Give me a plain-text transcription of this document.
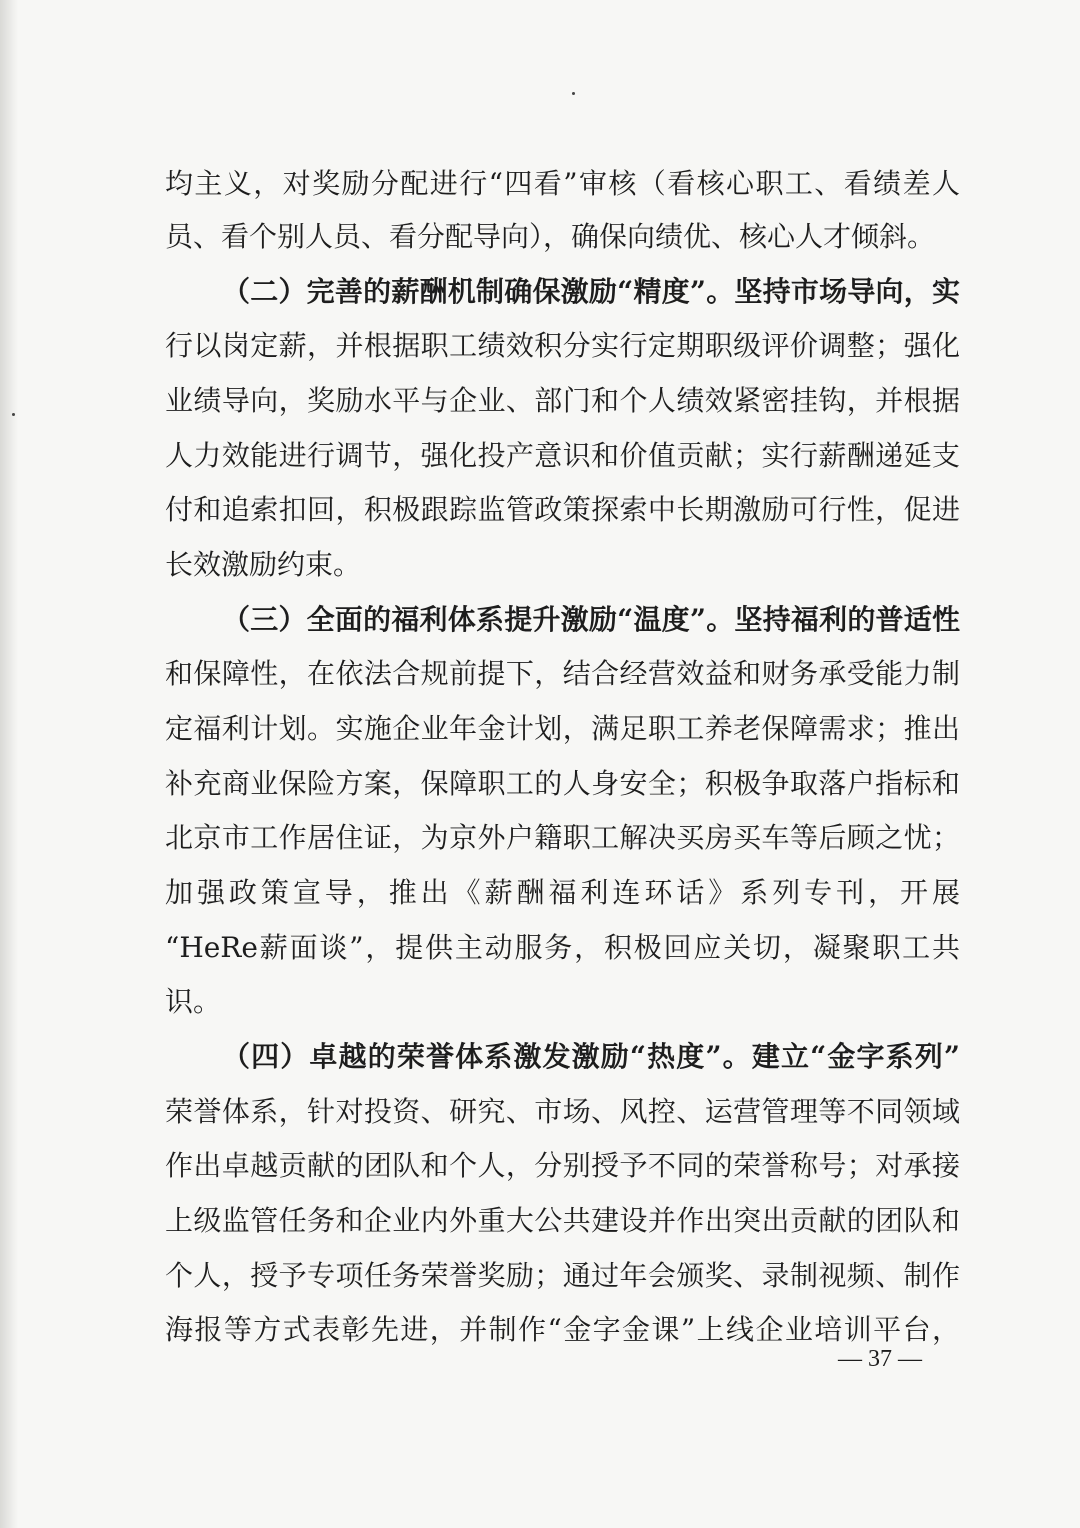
均主义，对奖励分配进行“四看”审核（看核心职工、看绩差人
员、看个别人员、看分配导向），确保向绩优、核心人才倾斜。
（二）完善的薪酬机制确保激励“精度”。坚持市场导向，实
行以岗定薪，并根据职工绩效积分实行定期职级评价调整；强化
业绩导向，奖励水平与企业、部门和个人绩效紧密挂钩，并根据
人力效能进行调节，强化投产意识和价值贡献；实行薪酬递延支
付和追索扣回，积极跟踪监管政策探索中长期激励可行性，促进
长效激励约束。
（三）全面的福利体系提升激励“温度”。坚持福利的普适性
和保障性，在依法合规前提下，结合经营效益和财务承受能力制
定福利计划。实施企业年金计划，满足职工养老保障需求；推出
补充商业保险方案，保障职工的人身安全；积极争取落户指标和
北京市工作居住证，为京外户籍职工解决买房买车等后顾之忧；
加强政策宣导，推出《薪酬福利连环话》系列专刊，开展
“HeRe薪面谈”，提供主动服务，积极回应关切，凝聚职工共
识。
（四）卓越的荣誉体系激发激励“热度”。建立“金字系列”
荣誉体系，针对投资、研究、市场、风控、运营管理等不同领域
作出卓越贡献的团队和个人，分别授予不同的荣誉称号；对承接
上级监管任务和企业内外重大公共建设并作出突出贡献的团队和
个人，授予专项任务荣誉奖励；通过年会颁奖、录制视频、制作
海报等方式表彰先进，并制作“金字金课”上线企业培训平台，
— 37 —
